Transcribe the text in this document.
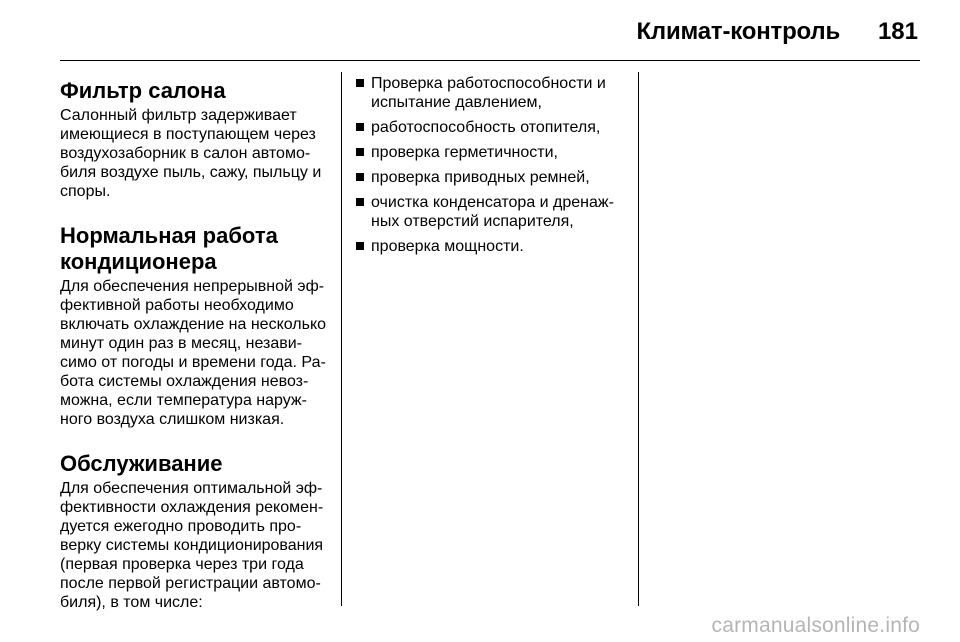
Климат-контроль 181
Фильтр салона

Салонный фильтр задерживает имеющиеся в поступающем через воздухозаборник в салон автомо-биля воздухе пыль, сажу, пыльцу и споры.

Нормальная работа кондиционера

Для обеспечения непрерывной эф-фективной работы необходимо включать охлаждение на несколько минут один раз в месяц, незави-симо от погоды и времени года. Ра-бота системы охлаждения невоз-можна, если температура наруж-ного воздуха слишком низкая.

Обслуживание

Для обеспечения оптимальной эф-фективности охлаждения рекомен-дуется ежегодно проводить про-верку системы кондиционирования (первая проверка через три года после первой регистрации автомо-биля), в том числе:

Проверка работоспособности и испытание давлением,
работоспособность отопителя,
проверка герметичности,
проверка приводных ремней,
очистка конденсатора и дренаж-ных отверстий испарителя,
проверка мощности.
carmanualsonline.info
